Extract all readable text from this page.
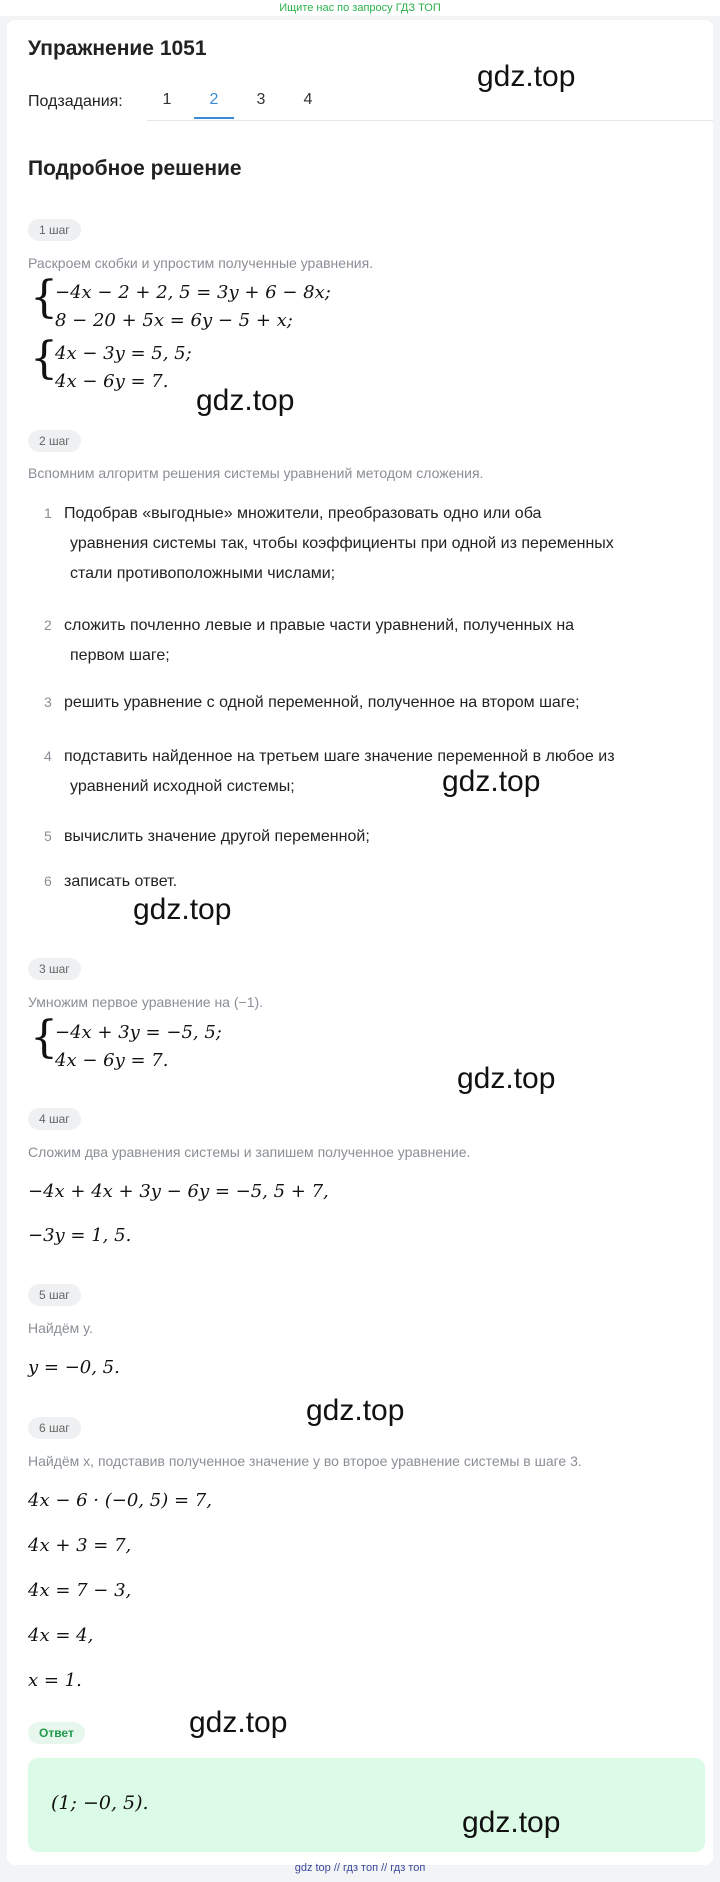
Ищите нас по запросу ГДЗ ТОП
Упражнение 1051
Подзадания:	1	2	3	4
Подробное решение
1 шаг
Раскроем скобки и упростим полученные уравнения.
{
−4x − 2 + 2, 5 = 3y + 6 − 8x;
8 − 20 + 5x = 6y − 5 + x;
{
4x − 3y = 5, 5;
4x − 6y = 7.
2 шаг
Вспомним алгоритм решения системы уравнений методом сложения.
1 Подобрав «выгодные» множители, преобразовать одно или оба
уравнения системы так, чтобы коэффициенты при одной из переменных
стали противоположными числами;
2 сложить почленно левые и правые части уравнений, полученных на
первом шаге;
3 решить уравнение с одной переменной, полученное на втором шаге;
4 подставить найденное на третьем шаге значение переменной в любое из
уравнений исходной системы;
5 вычислить значение другой переменной;
6 записать ответ.
3 шаг
Умножим первое уравнение на (−1).
{
−4x + 3y = −5, 5;
4x − 6y = 7.
4 шаг
Сложим два уравнения системы и запишем полученное уравнение.
−4x + 4x + 3y − 6y = −5, 5 + 7,
−3y = 1, 5.
5 шаг
Найдём y.
y = −0, 5.
6 шаг
Найдём x, подставив полученное значение y во второе уравнение системы в шаге 3.
4x − 6 · (−0, 5) = 7,
4x + 3 = 7,
4x = 7 − 3,
4x = 4,
x = 1.
Ответ
(1; −0, 5).
gdz.top
gdz.top
gdz.top
gdz.top
gdz.top
gdz.top
gdz.top
gdz.top
gdz top // гдз топ // гдз топ
